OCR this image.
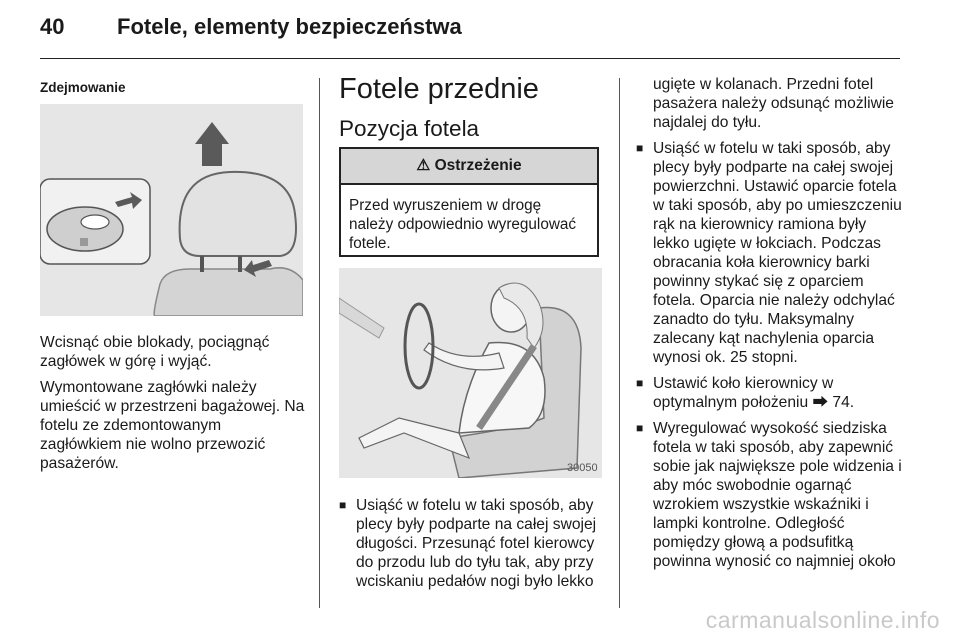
40 Fotele, elementy bezpieczeństwa
Zdejmowanie

Wcisnąć obie blokady, pociągnąć zagłówek w górę i wyjąć.

Wymontowane zagłówki należy umieścić w przestrzeni bagażowej. Na fotelu ze zdemontowanym zagłówkiem nie wolno przewozić pasażerów.

Fotele przednie
Pozycja fotela
⚠ Ostrzeżenie
Przed wyruszeniem w drogę należy odpowiednio wyregulować fotele.
30050
■ Usiąść w fotelu w taki sposób, aby plecy były podparte na całej swojej długości. Przesunąć fotel kierowcy do przodu lub do tyłu tak, aby przy wciskaniu pedałów nogi było lekko

ugięte w kolanach. Przedni fotel pasażera należy odsunąć możliwie najdalej do tyłu.

■ Usiąść w fotelu w taki sposób, aby plecy były podparte na całej swojej powierzchni. Ustawić oparcie fotela w taki sposób, aby po umieszczeniu rąk na kierownicy ramiona były lekko ugięte w łokciach. Podczas obracania koła kierownicy barki powinny stykać się z oparciem fotela. Oparcia nie należy odchylać zanadto do tyłu. Maksymalny zalecany kąt nachylenia oparcia wynosi ok. 25 stopni.
■ Ustawić koło kierownicy w optymalnym położeniu ⮕ 74.
■ Wyregulować wysokość siedziska fotela w taki sposób, aby zapewnić sobie jak największe pole widzenia i aby móc swobodnie ogarnąć wzrokiem wszystkie wskaźniki i lampki kontrolne. Odległość pomiędzy głową a podsufitką powinna wynosić co najmniej około
carmanualsonline.info
